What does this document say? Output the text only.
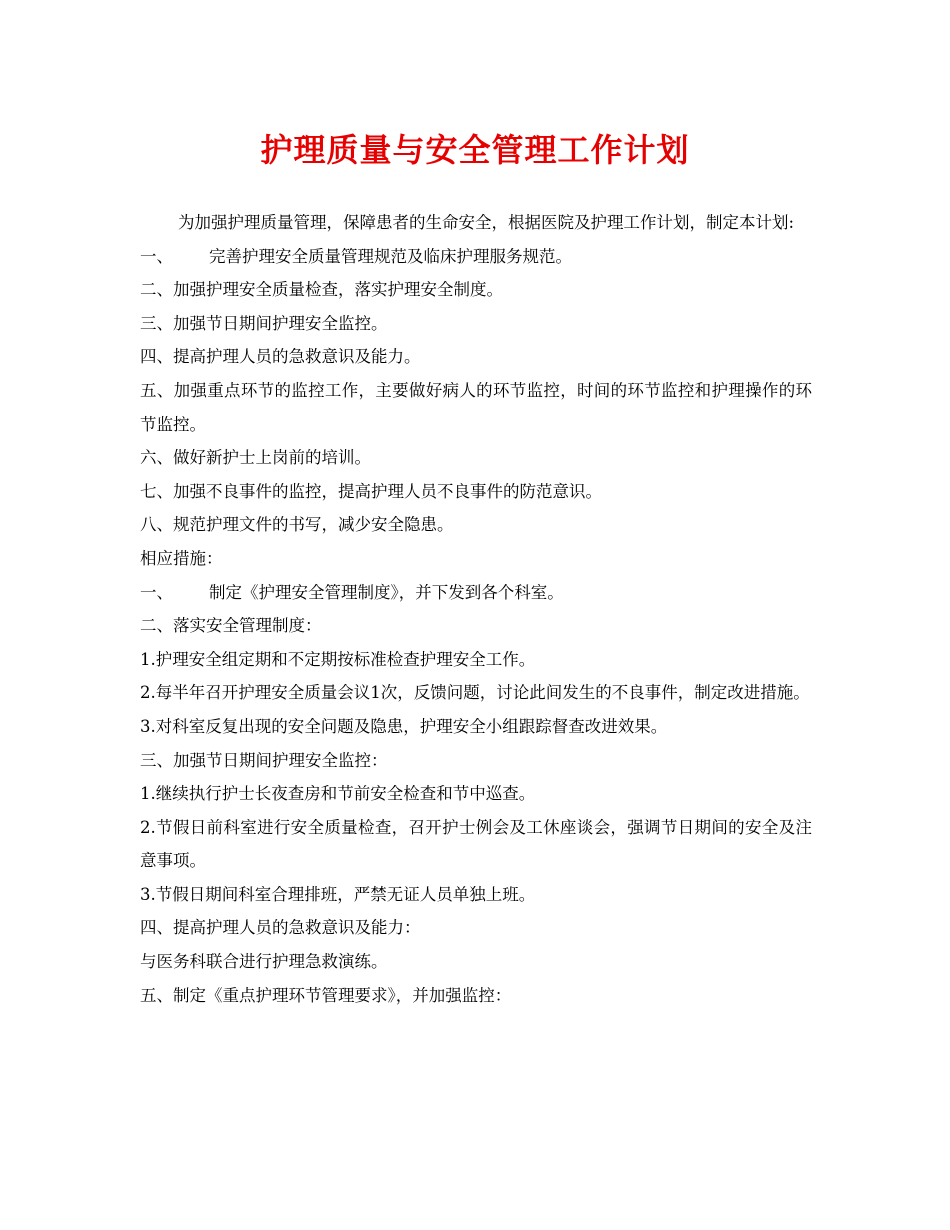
护理质量与安全管理工作计划

为加强护理质量管理，保障患者的生命安全，根据医院及护理工作计划，制定本计划:

一、 完善护理安全质量管理规范及临床护理服务规范。

二、加强护理安全质量检查，落实护理安全制度。

三、加强节日期间护理安全监控。

四、提高护理人员的急救意识及能力。

五、加强重点环节的监控工作，主要做好病人的环节监控，时间的环节监控和护理操作的环节监控。

六、做好新护士上岗前的培训。

七、加强不良事件的监控，提高护理人员不良事件的防范意识。

八、规范护理文件的书写，减少安全隐患。

相应措施：

一、 制定《护理安全管理制度》，并下发到各个科室。

二、落实安全管理制度：

1.护理安全组定期和不定期按标准检查护理安全工作。

2.每半年召开护理安全质量会议1次，反馈问题，讨论此间发生的不良事件，制定改进措施。

3.对科室反复出现的安全问题及隐患，护理安全小组跟踪督查改进效果。

三、加强节日期间护理安全监控：

1.继续执行护士长夜查房和节前安全检查和节中巡查。

2.节假日前科室进行安全质量检查，召开护士例会及工休座谈会，强调节日期间的安全及注意事项。

3.节假日期间科室合理排班，严禁无证人员单独上班。

四、提高护理人员的急救意识及能力：

与医务科联合进行护理急救演练。

五、制定《重点护理环节管理要求》，并加强监控：
